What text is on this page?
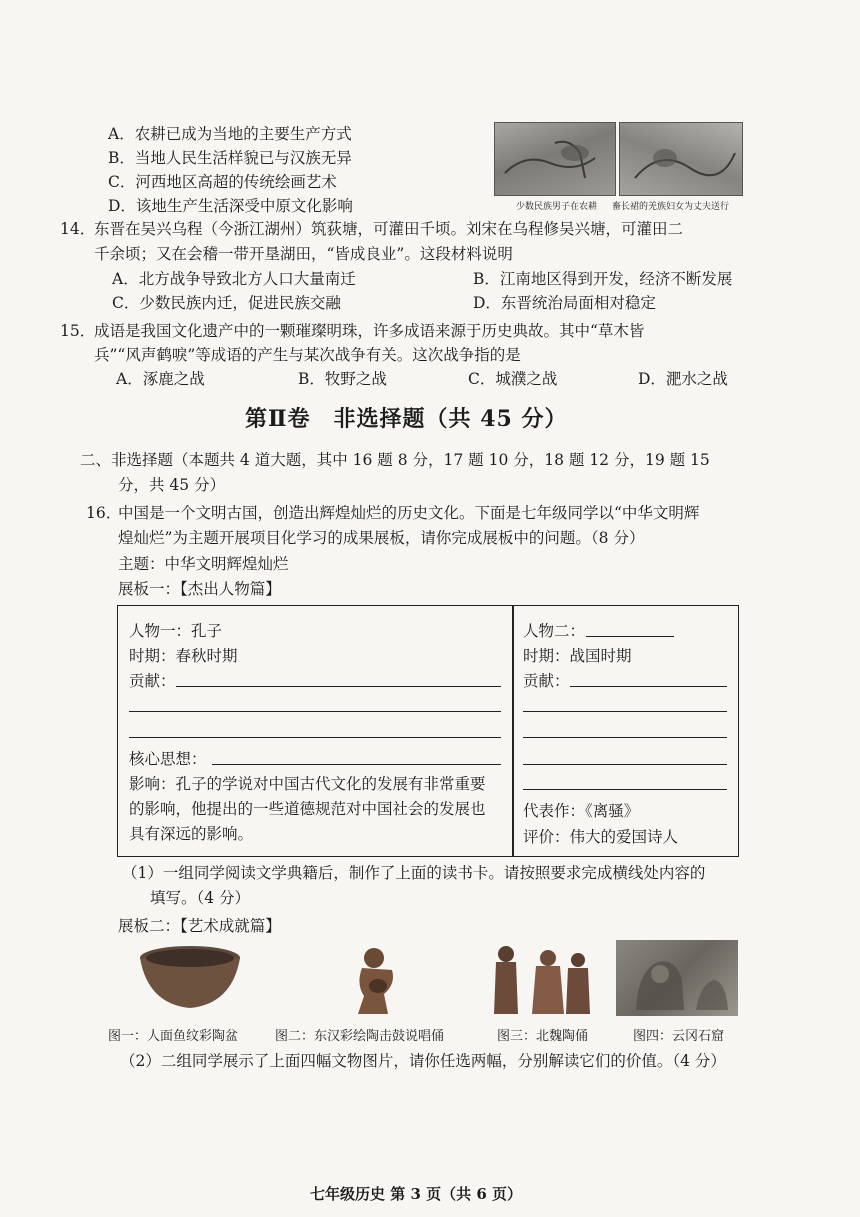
A．农耕已成为当地的主要生产方式
B．当地人民生活样貌已与汉族无异
C．河西地区高超的传统绘画艺术
D．该地生产生活深受中原文化影响	少数民族男子在农耕 畜长裙的羌族妇女为丈夫送行
14．
东晋在吴兴乌程（今浙江湖州）筑荻塘，可灌田千顷。刘宋在乌程修吴兴塘，可灌田二
千余顷；又在会稽一带开垦湖田，“皆成良业”。这段材料说明
A．北方战争导致北方人口大量南迁	B．江南地区得到开发，经济不断发展
C．少数民族内迁，促进民族交融	D．东晋统治局面相对稳定
15．
成语是我国文化遗产中的一颗璀璨明珠，许多成语来源于历史典故。其中“草木皆
兵”“风声鹤唳”等成语的产生与某次战争有关。这次战争指的是
A．涿鹿之战	B．牧野之战	C．城濮之战	D．淝水之战
第Ⅱ卷　非选择题（共 45 分）
二、非选择题（本题共 4 道大题，其中 16 题 8 分，17 题 10 分，18 题 12 分，19 题 15
分，共 45 分）
16．
中国是一个文明古国，创造出辉煌灿烂的历史文化。下面是七年级同学以“中华文明辉
煌灿烂”为主题开展项目化学习的成果展板，请你完成展板中的问题。（8 分）
主题：中华文明辉煌灿烂
展板一：【杰出人物篇】
人物一：孔子
时期：春秋时期
贡献：
核心思想：
影响：孔子的学说对中国古代文化的发展有非常重要
的影响，他提出的一些道德规范对中国社会的发展也
具有深远的影响。
人物二：
时期：战国时期
贡献：
代表作：《离骚》
评价：伟大的爱国诗人
（1）一组同学阅读文学典籍后，制作了上面的读书卡。请按照要求完成横线处内容的
填写。（4 分）
展板二：【艺术成就篇】
图一：人面鱼纹彩陶盆	图二：东汉彩绘陶击鼓说唱俑	图三：北魏陶俑	图四：云冈石窟
（2）二组同学展示了上面四幅文物图片，请你任选两幅，分别解读它们的价值。（4 分）
七年级历史 第 3 页（共 6 页）
